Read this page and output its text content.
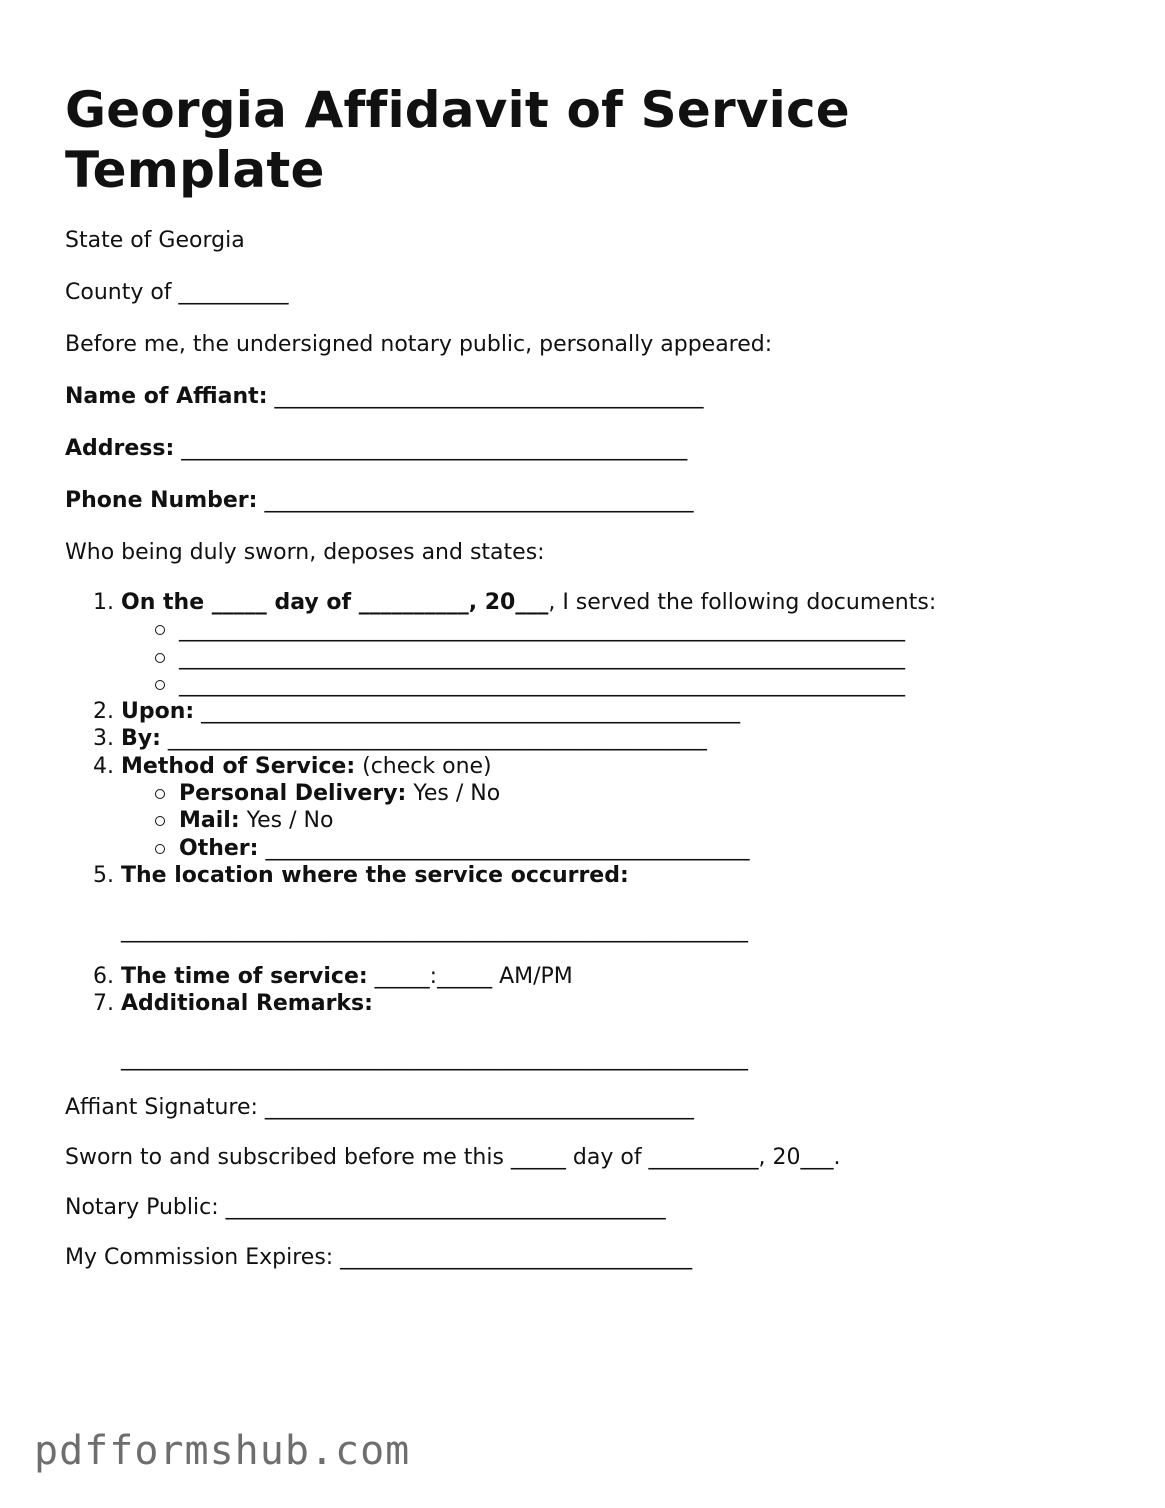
Georgia Affidavit of Service Template

State of Georgia

County of __________

Before me, the undersigned notary public, personally appeared:

Name of Affiant: _______________________________________

Address: ______________________________________________

Phone Number: _______________________________________

Who being duly sworn, deposes and states:

1. On the _____ day of __________, 20___, I served the following documents:
__________________________________________________________________
__________________________________________________________________
__________________________________________________________________
2. Upon: _________________________________________________
3. By: _________________________________________________
4. Method of Service: (check one)
Personal Delivery: Yes / No
Mail: Yes / No
Other: ____________________________________________
5. The location where the service occurred:
_________________________________________________________
6. The time of service: _____:_____ AM/PM
7. Additional Remarks:
_________________________________________________________

Affiant Signature: _______________________________________

Sworn to and subscribed before me this _____ day of __________, 20___.

Notary Public: ________________________________________

My Commission Expires: ________________________________

pdfformshub.com
